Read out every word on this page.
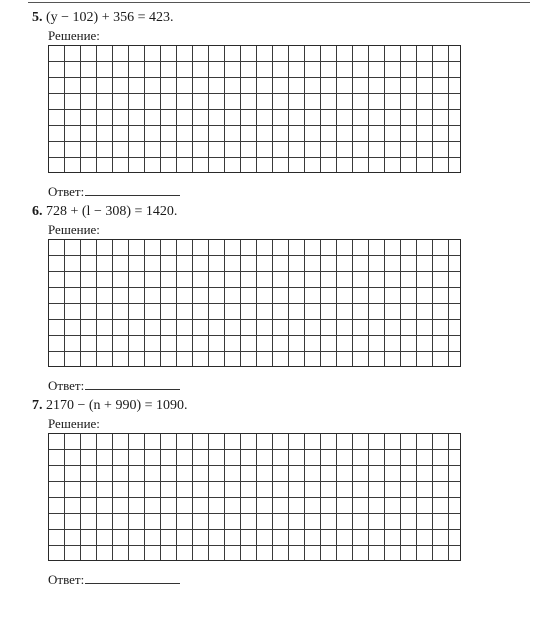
5. (y − 102) + 356 = 423.
Решение:
Ответ:
6. 728 + (l − 308) = 1420.
Решение:
Ответ:
7. 2170 − (n + 990) = 1090.
Решение:
Ответ:
